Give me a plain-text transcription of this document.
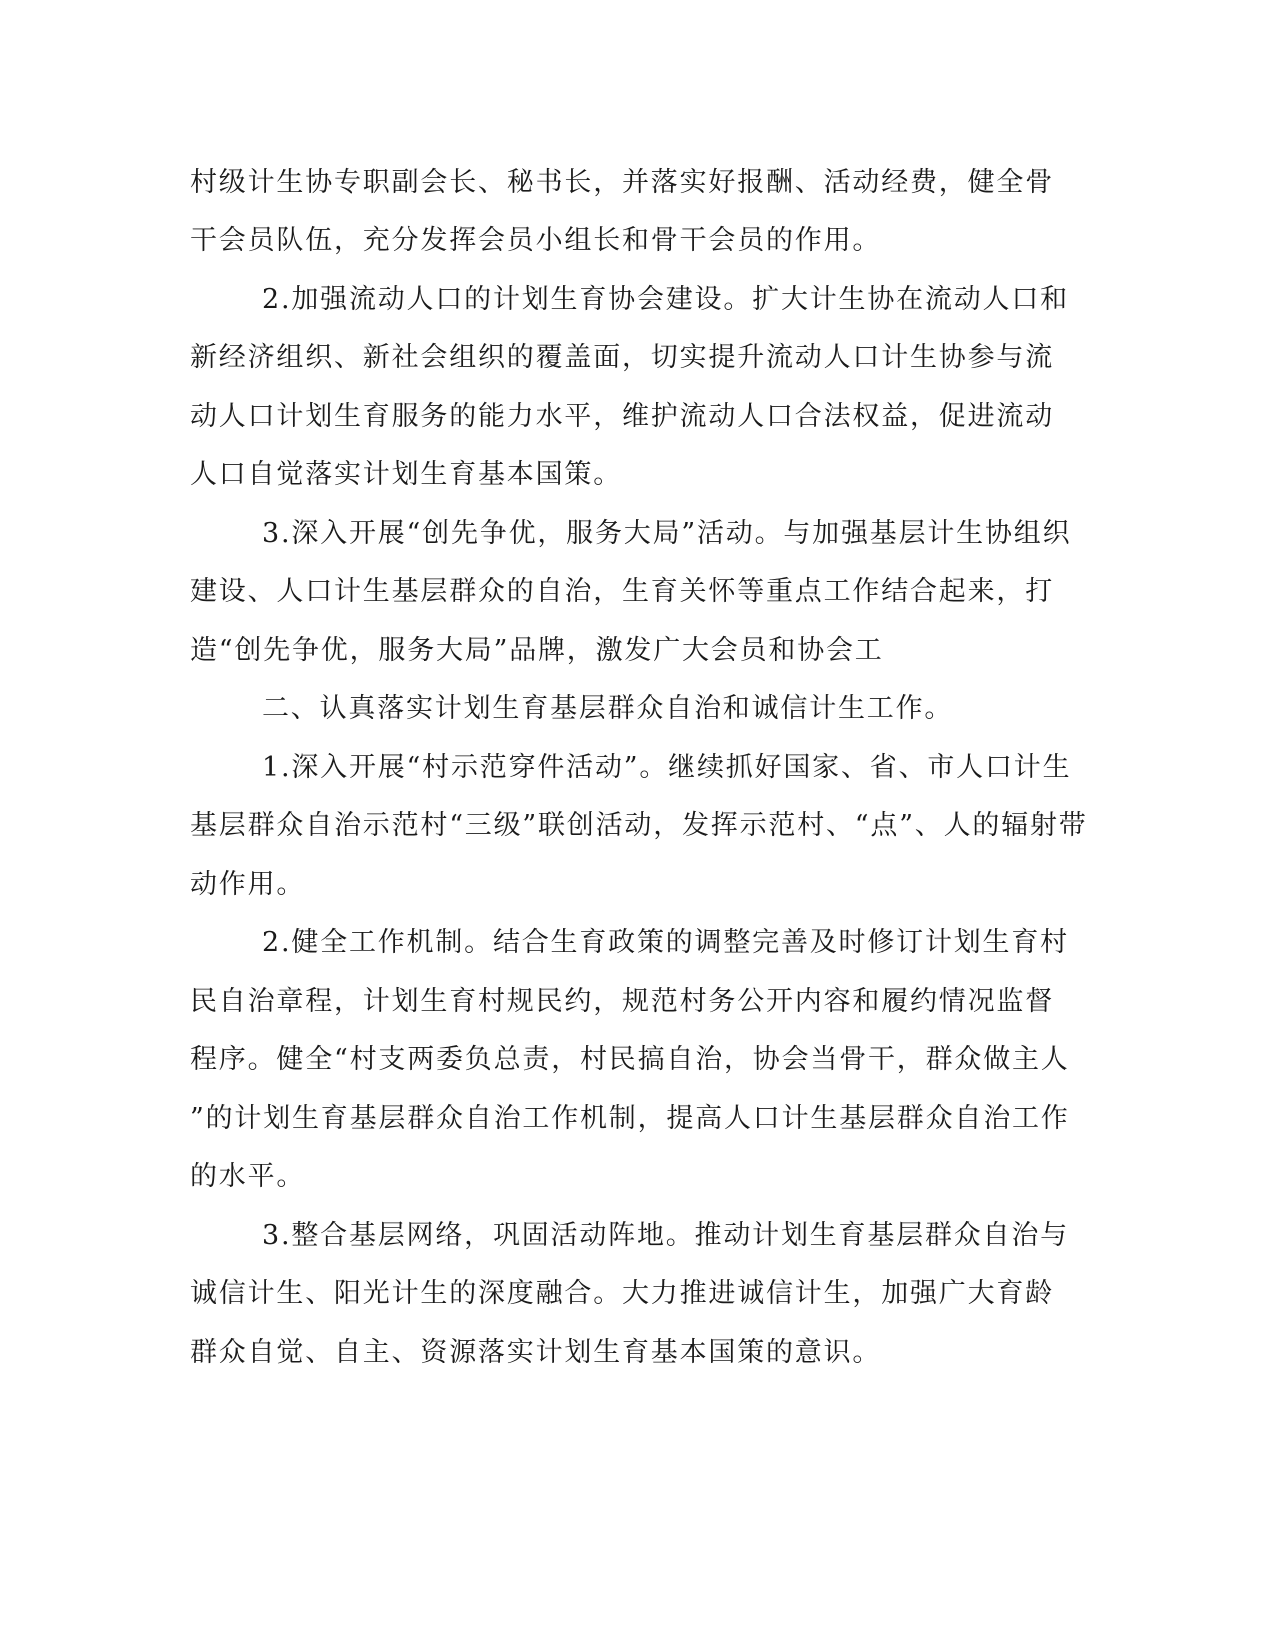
村级计生协专职副会长、秘书长，并落实好报酬、活动经费，健全骨
干会员队伍，充分发挥会员小组长和骨干会员的作用。
2.加强流动人口的计划生育协会建设。扩大计生协在流动人口和
新经济组织、新社会组织的覆盖面，切实提升流动人口计生协参与流
动人口计划生育服务的能力水平，维护流动人口合法权益，促进流动
人口自觉落实计划生育基本国策。
3.深入开展“创先争优，服务大局”活动。与加强基层计生协组织
建设、人口计生基层群众的自治，生育关怀等重点工作结合起来，打
造“创先争优，服务大局”品牌，激发广大会员和协会工
二、认真落实计划生育基层群众自治和诚信计生工作。
1.深入开展“村示范穿件活动”。继续抓好国家、省、市人口计生
基层群众自治示范村“三级”联创活动，发挥示范村、“点”、人的辐射带
动作用。
2.健全工作机制。结合生育政策的调整完善及时修订计划生育村
民自治章程，计划生育村规民约，规范村务公开内容和履约情况监督
程序。健全“村支两委负总责，村民搞自治，协会当骨干，群众做主人
”的计划生育基层群众自治工作机制，提高人口计生基层群众自治工作
的水平。
3.整合基层网络，巩固活动阵地。推动计划生育基层群众自治与
诚信计生、阳光计生的深度融合。大力推进诚信计生，加强广大育龄
群众自觉、自主、资源落实计划生育基本国策的意识。
